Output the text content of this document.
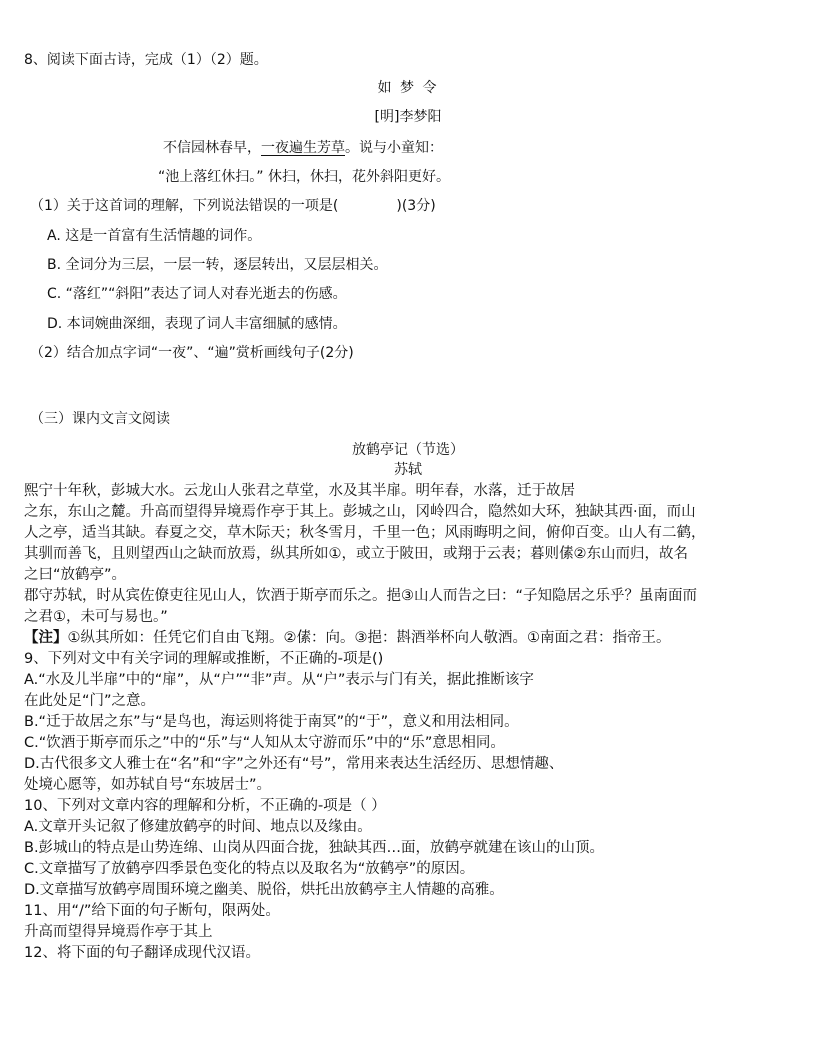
8、阅读下面古诗，完成（1）（2）题。
如 梦 令
[明]李梦阳
不信园林春早，一夜遍生芳草。说与小童知：
“池上落红休扫。” 休扫，休扫，花外斜阳更好。
（1）关于这首词的理解，下列说法错误的一项是(	)(3分)
A. 这是一首富有生活情趣的词作。
B. 全词分为三层，一层一转，逐层转出，又层层相关。
C. “落红”“斜阳”表达了词人对春光逝去的伤感。
D. 本词婉曲深细，表现了词人丰富细腻的感情。
（2）结合加点字词“一夜”、“遍”赏析画线句子(2分)
（三）课内文言文阅读
放鹤亭记（节选）
苏轼
熙宁十年秋，彭城大水。云龙山人张君之草堂，水及其半扉。明年春，水落，迁于故居
之东，东山之麓。升高而望得异境焉作亭于其上。彭城之山，冈岭四合，隐然如大环，独缺其西·面，而山
人之亭，适当其缺。春夏之交，草木际天；秋冬雪月，千里一色；风雨晦明之间，俯仰百变。山人有二鹤，
其驯而善飞，且则望西山之缺而放焉，纵其所如①，或立于陂田，或翔于云表；暮则傃②东山而归，故名
之曰“放鹤亭”。
郡守苏轼，时从宾佐僚吏往见山人，饮酒于斯亭而乐之。挹③山人而告之曰：“子知隐居之乐乎？虽南面而
之君①，未可与易也。”
【注】①纵其所如：任凭它们自由飞翔。②傃：向。③挹：斟酒举杯向人敬酒。①南面之君：指帝王。
9、下列对文中有关字词的理解或推断，不正确的-项是()
A.“水及儿半扉”中的“扉”，从“户”“非”声。从“户”表示与门有关，据此推断该字
在此处足“门”之意。
B.“迁于故居之东”与“是鸟也，海运则将徙于南冥”的“于”，意义和用法相同。
C.“饮酒于斯亭而乐之”中的“乐”与“人知从太守游而乐”中的“乐”意思相同。
D.古代很多文人雅士在“名”和“字”之外还有“号”，常用来表达生活经历、思想情趣、
处境心愿等，如苏轼自号“东坡居士”。
10、下列对文章内容的理解和分析，不正确的-项是（ ）
A.文章开头记叙了修建放鹤亭的时间、地点以及缘由。
B.彭城山的特点是山势连绵、山岗从四面合拢，独缺其西…面，放鹤亭就建在该山的山顶。
C.文章描写了放鹤亭四季景色变化的特点以及取名为“放鹤亭”的原因。
D.文章描写放鹤亭周围环境之幽美、脱俗，烘托出放鹤亭主人情趣的高雅。
11、用“/”给下面的句子断句，限两处。
升高而望得异境焉作亭于其上
12、将下面的句子翻译成现代汉语。
